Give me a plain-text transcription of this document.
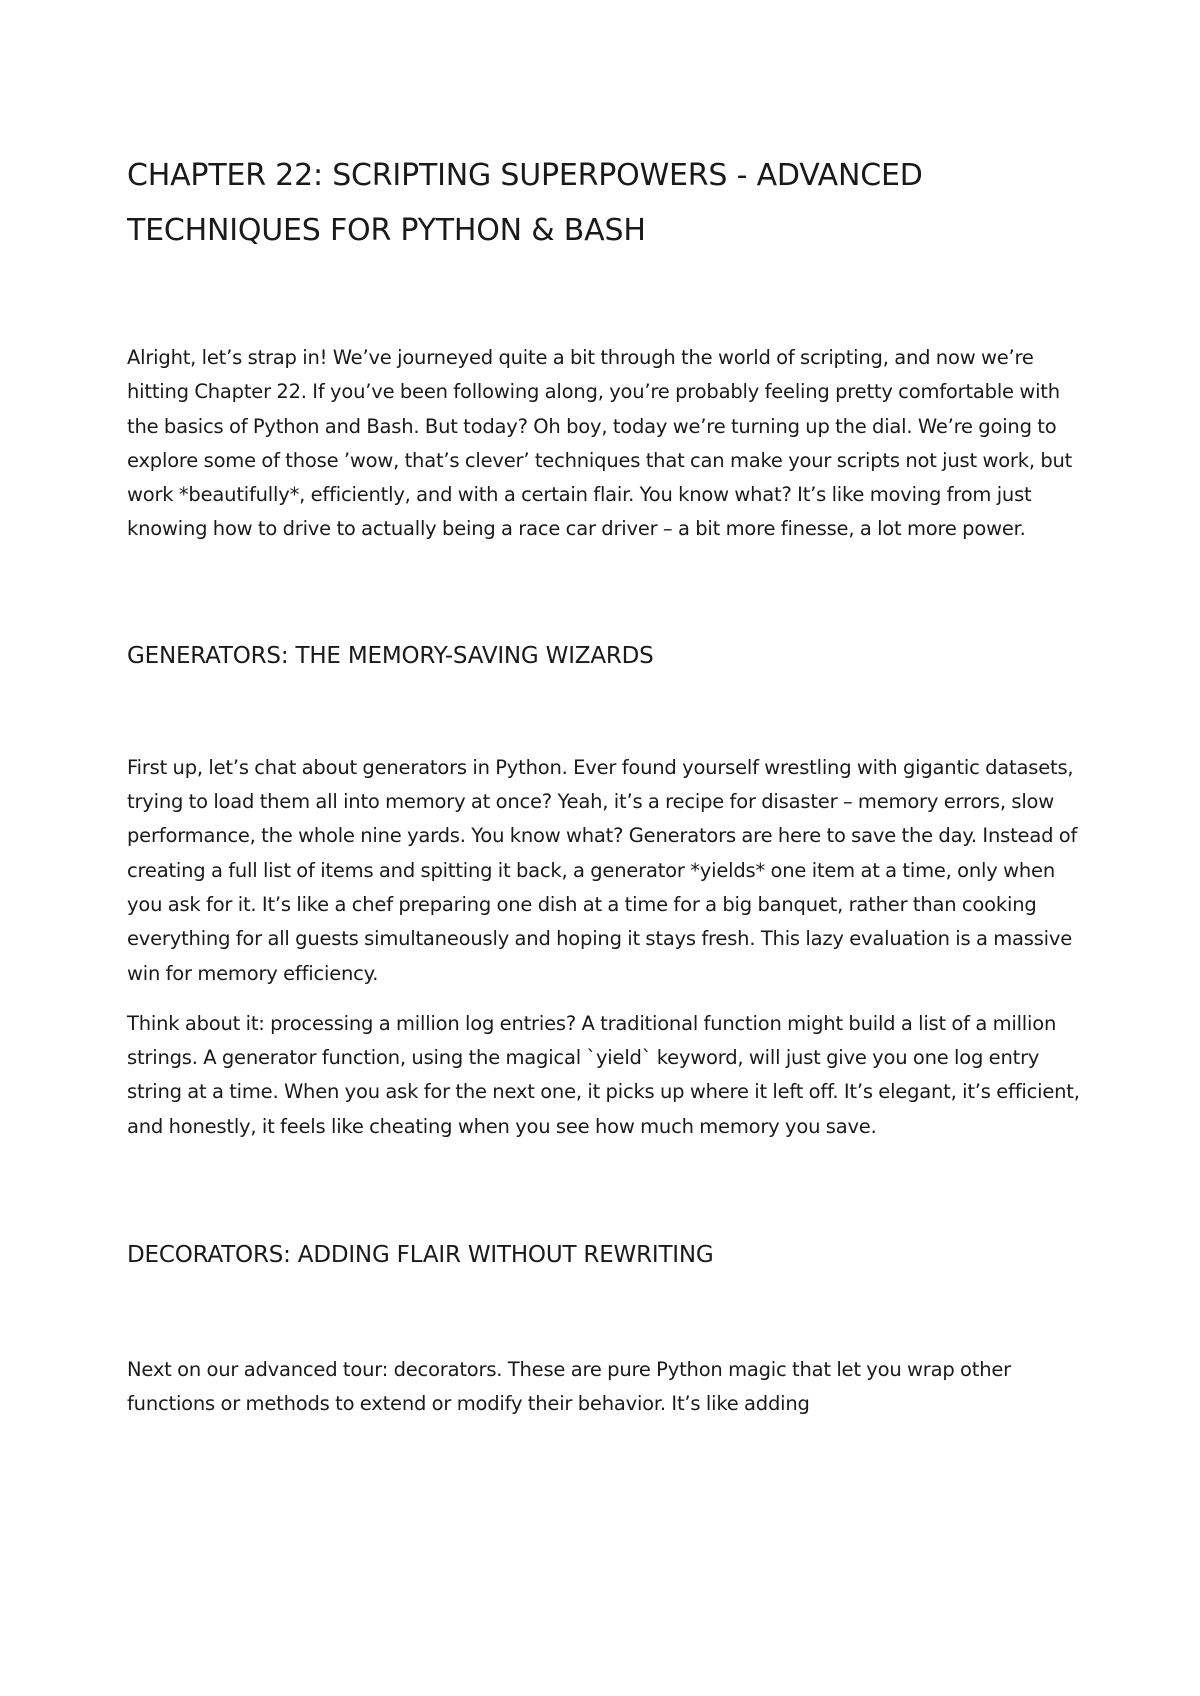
CHAPTER 22: SCRIPTING SUPERPOWERS - ADVANCED TECHNIQUES FOR PYTHON & BASH

Alright, let’s strap in! We’ve journeyed quite a bit through the world of scripting, and now we’re hitting Chapter 22. If you’ve been following along, you’re probably feeling pretty comfortable with the basics of Python and Bash. But today? Oh boy, today we’re turning up the dial. We’re going to explore some of those ’wow, that’s clever’ techniques that can make your scripts not just work, but work *beautifully*, efficiently, and with a certain flair. You know what? It’s like moving from just knowing how to drive to actually being a race car driver – a bit more finesse, a lot more power.

GENERATORS: THE MEMORY-SAVING WIZARDS

First up, let’s chat about generators in Python. Ever found yourself wrestling with gigantic datasets, trying to load them all into memory at once? Yeah, it’s a recipe for disaster – memory errors, slow performance, the whole nine yards. You know what? Generators are here to save the day. Instead of creating a full list of items and spitting it back, a generator *yields* one item at a time, only when you ask for it. It’s like a chef preparing one dish at a time for a big banquet, rather than cooking everything for all guests simultaneously and hoping it stays fresh. This lazy evaluation is a massive win for memory efficiency.

Think about it: processing a million log entries? A traditional function might build a list of a million strings. A generator function, using the magical `yield` keyword, will just give you one log entry string at a time. When you ask for the next one, it picks up where it left off. It’s elegant, it’s efficient, and honestly, it feels like cheating when you see how much memory you save.

DECORATORS: ADDING FLAIR WITHOUT REWRITING

Next on our advanced tour: decorators. These are pure Python magic that let you wrap other functions or methods to extend or modify their behavior. It’s like adding
